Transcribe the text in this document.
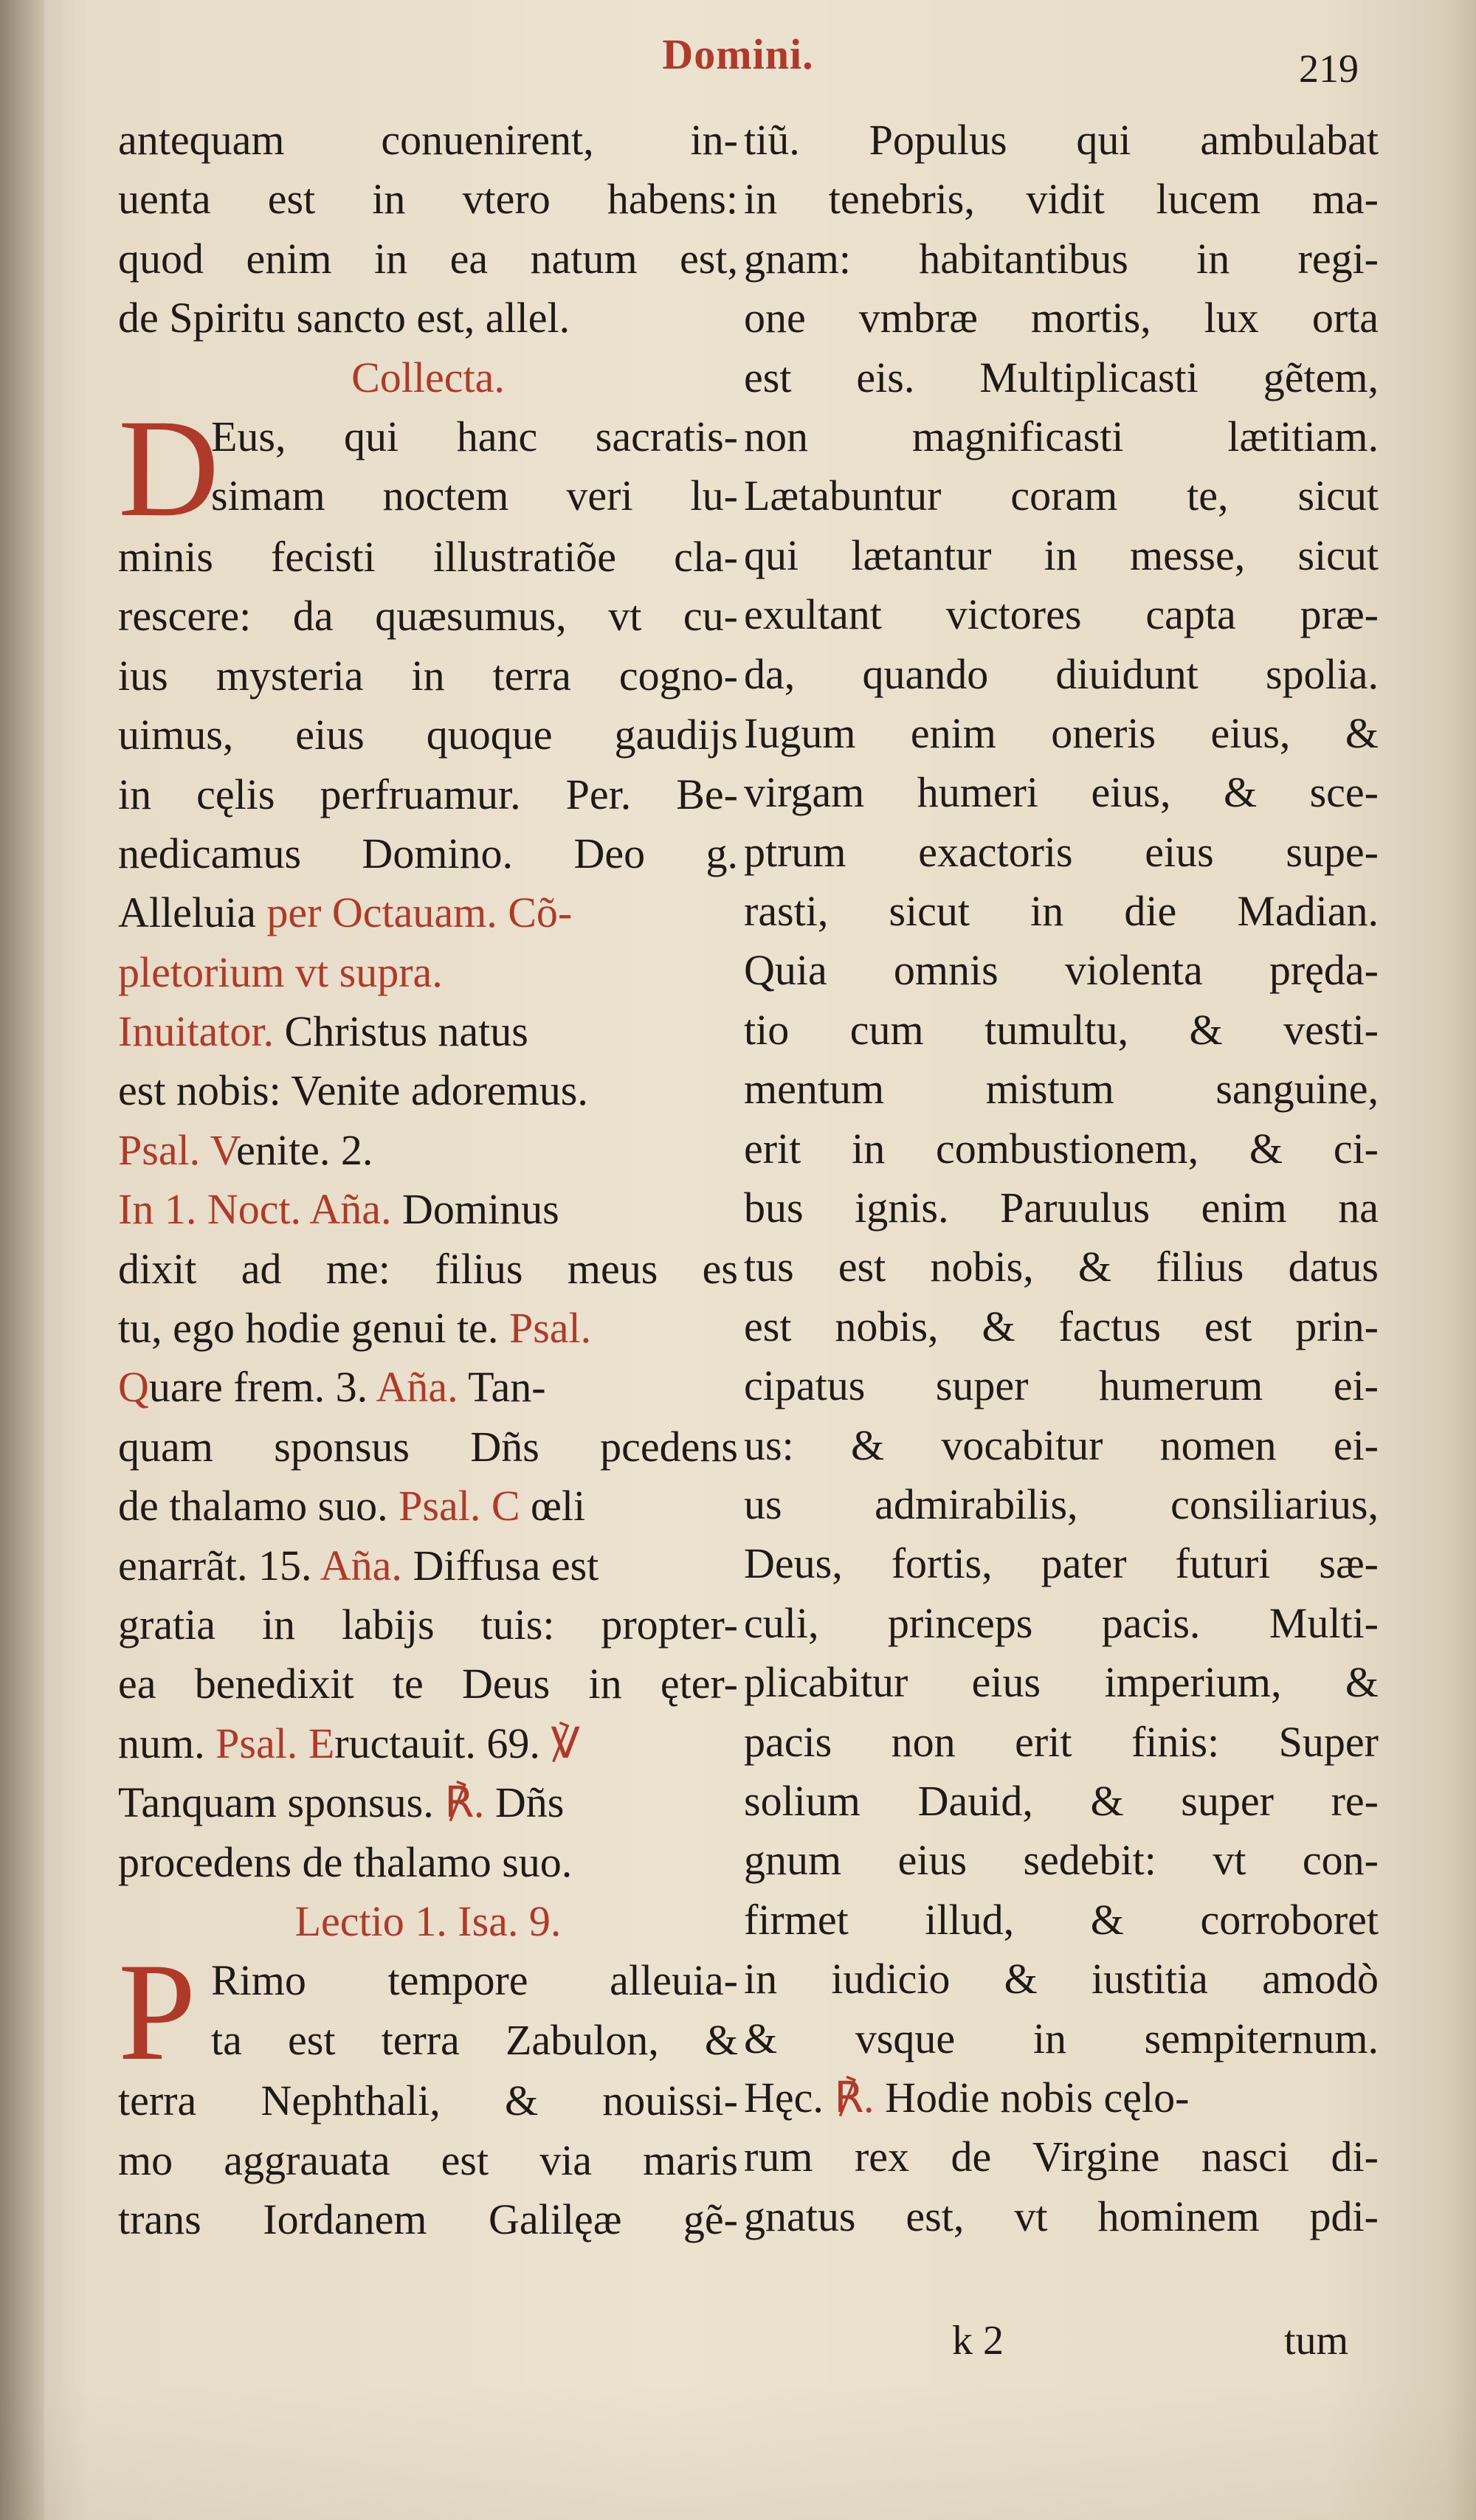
Domini.	219
antequam conuenirent, in-
uenta est in vtero habens:
quod enim in ea natum est,
de Spiritu sancto est, allel.
Collecta.
D
Eus, qui hanc sacratis-
simam noctem veri lu-
minis fecisti illustratiõe cla-
rescere: da quæsumus, vt cu-
ius mysteria in terra cogno-
uimus, eius quoque gaudijs
in cęlis perfruamur. Per. Be-
nedicamus Domino. Deo g.
Alleluia per Octauam. Cõ-
pletorium vt supra.
Inuitator. Christus natus
est nobis: Venite adoremus.
Psal. Venite. 2.
In 1. Noct. Aña. Dominus
dixit ad me: filius meus es
tu, ego hodie genui te. Psal.
Quare frem. 3. Aña. Tan-
quam sponsus Dñs pcedens
de thalamo suo. Psal. C œli
enarrãt. 15. Aña. Diffusa est
gratia in labijs tuis: propter-
ea benedixit te Deus in ęter-
num. Psal. Eructauit. 69. ℣
Tanquam sponsus. ℟. Dñs
procedens de thalamo suo.
Lectio 1. Isa. 9.
P Rimo tempore alleuia-
ta est terra Zabulon, &
terra Nephthali, & nouissi-
mo aggrauata est via maris
trans Iordanem Galilęæ gẽ-
tiũ. Populus qui ambulabat
in tenebris, vidit lucem ma-
gnam: habitantibus in regi-
one vmbræ mortis, lux orta
est eis. Multiplicasti gẽtem,
non magnificasti lætitiam.
Lætabuntur coram te, sicut
qui lætantur in messe, sicut
exultant victores capta præ-
da, quando diuidunt spolia.
Iugum enim oneris eius, &
virgam humeri eius, & sce-
ptrum exactoris eius supe-
rasti, sicut in die Madian.
Quia omnis violenta pręda-
tio cum tumultu, & vesti-
mentum mistum sanguine,
erit in combustionem, & ci-
bus ignis. Paruulus enim na
tus est nobis, & filius datus
est nobis, & factus est prin-
cipatus super humerum ei-
us: & vocabitur nomen ei-
us admirabilis, consiliarius,
Deus, fortis, pater futuri sæ-
culi, princeps pacis. Multi-
plicabitur eius imperium, &
pacis non erit finis: Super
solium Dauid, & super re-
gnum eius sedebit: vt con-
firmet illud, & corroboret
in iudicio & iustitia amodò
& vsque in sempiternum.
Hęc. ℟. Hodie nobis cęlo-
rum rex de Virgine nasci di-
gnatus est, vt hominem pdi-
k 2	tum
